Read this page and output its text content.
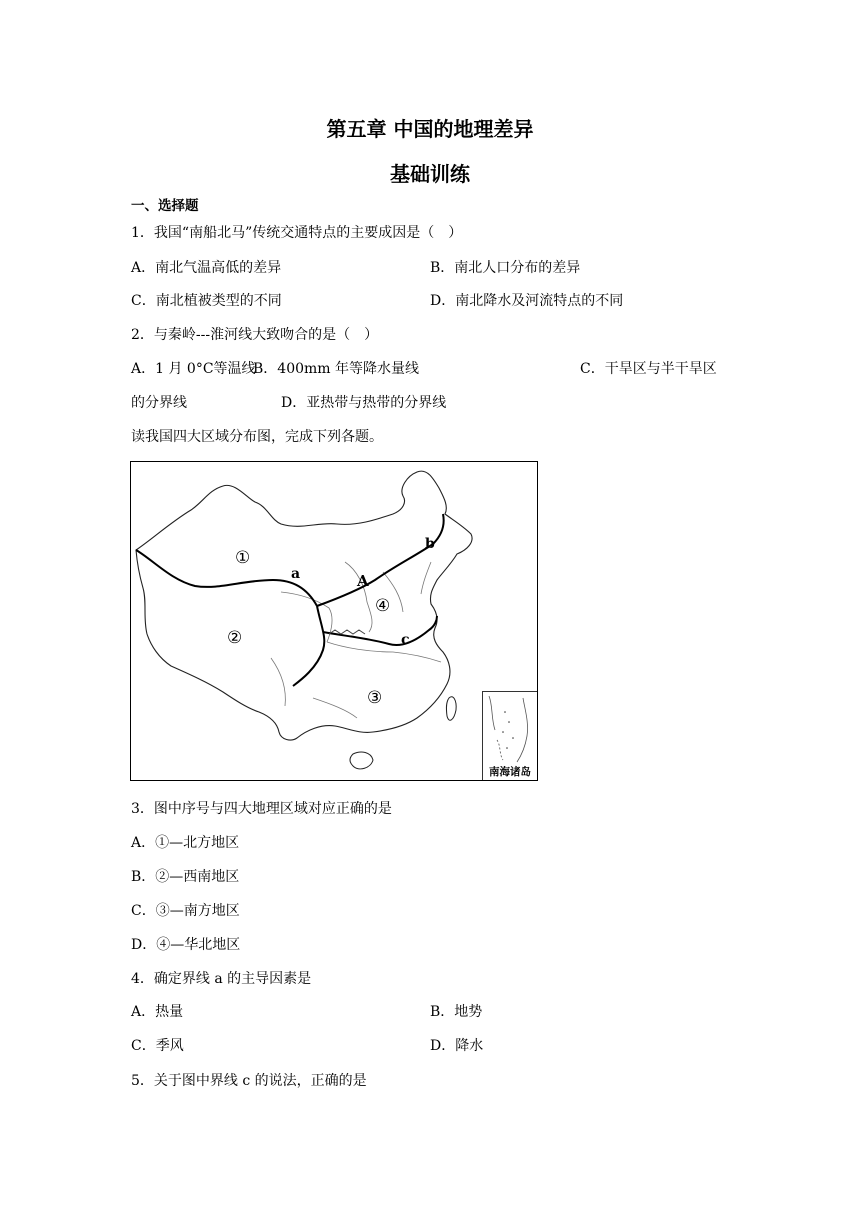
第五章 中国的地理差异
基础训练
一、选择题
1．我国“南船北马”传统交通特点的主要成因是（　）
A．南北气温高低的差异	B．南北人口分布的差异
C．南北植被类型的不同	D．南北降水及河流特点的不同
2．与秦岭---淮河线大致吻合的是（　）
A．1 月 0°C等温线
B．400mm 年等降水量线	C．干旱区与半干旱区
的分界线	D．亚热带与热带的分界线
读我国四大区域分布图，完成下列各题。
①
②
③
④
a
b
c
A
南海诸岛
3．图中序号与四大地理区域对应正确的是
A．①—北方地区
B．②—西南地区
C．③—南方地区
D．④—华北地区
4．确定界线 a 的主导因素是
A．热量	B．地势
C．季风	D．降水
5．关于图中界线 c 的说法，正确的是
